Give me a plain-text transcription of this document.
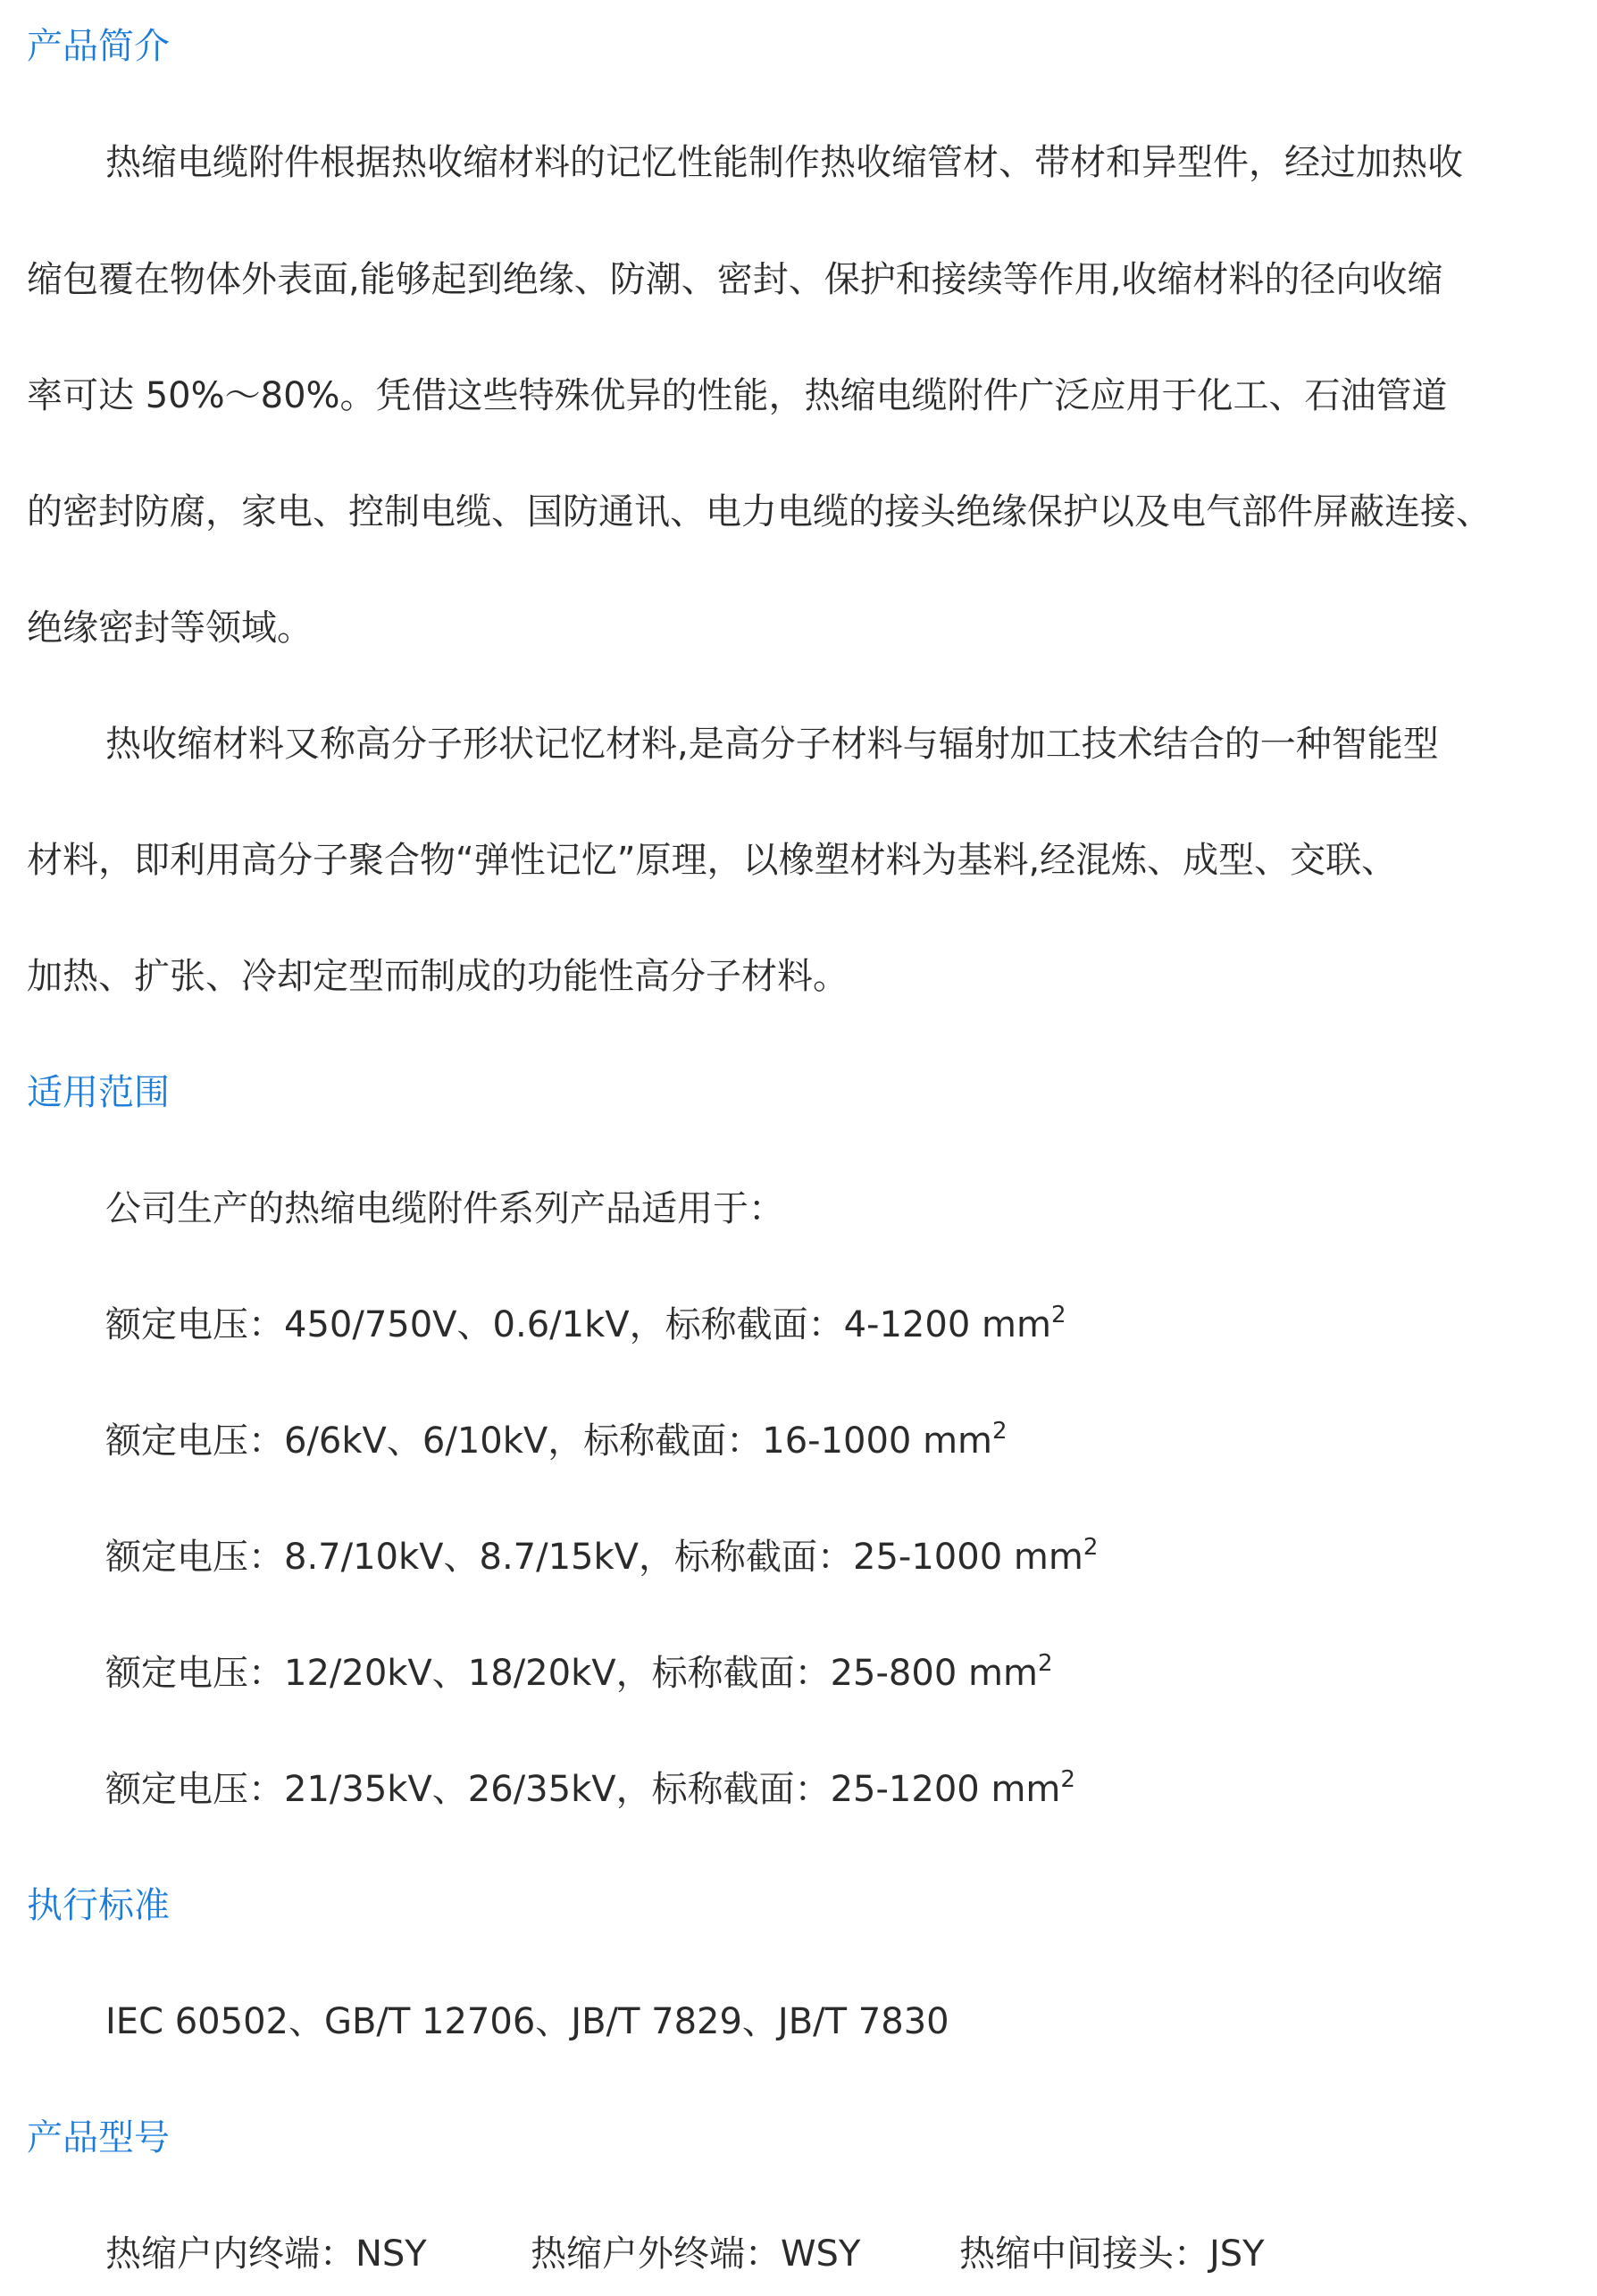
产品简介
热缩电缆附件根据热收缩材料的记忆性能制作热收缩管材、带材和异型件，经过加热收
缩包覆在物体外表面,能够起到绝缘、防潮、密封、保护和接续等作用,收缩材料的径向收缩
率可达 50%～80%。凭借这些特殊优异的性能，热缩电缆附件广泛应用于化工、石油管道
的密封防腐，家电、控制电缆、国防通讯、电力电缆的接头绝缘保护以及电气部件屏蔽连接、
绝缘密封等领域。
热收缩材料又称高分子形状记忆材料,是高分子材料与辐射加工技术结合的一种智能型
材料，即利用高分子聚合物“弹性记忆”原理，以橡塑材料为基料,经混炼、成型、交联、
加热、扩张、冷却定型而制成的功能性高分子材料。
适用范围
公司生产的热缩电缆附件系列产品适用于：
额定电压：450/750V、0.6/1kV，标称截面：4-1200 $mm^2$
额定电压：6/6kV、6/10kV，标称截面：16-1000 $mm^2$
额定电压：8.7/10kV、8.7/15kV，标称截面：25-1000 $mm^2$
额定电压：12/20kV、18/20kV，标称截面：25-800 $mm^2$
额定电压：21/35kV、26/35kV，标称截面：25-1200 $mm^2$
执行标准
IEC 60502、GB/T 12706、JB/T 7829、JB/T 7830
产品型号
热缩户内终端：NSY	热缩户外终端：WSY	热缩中间接头：JSY
